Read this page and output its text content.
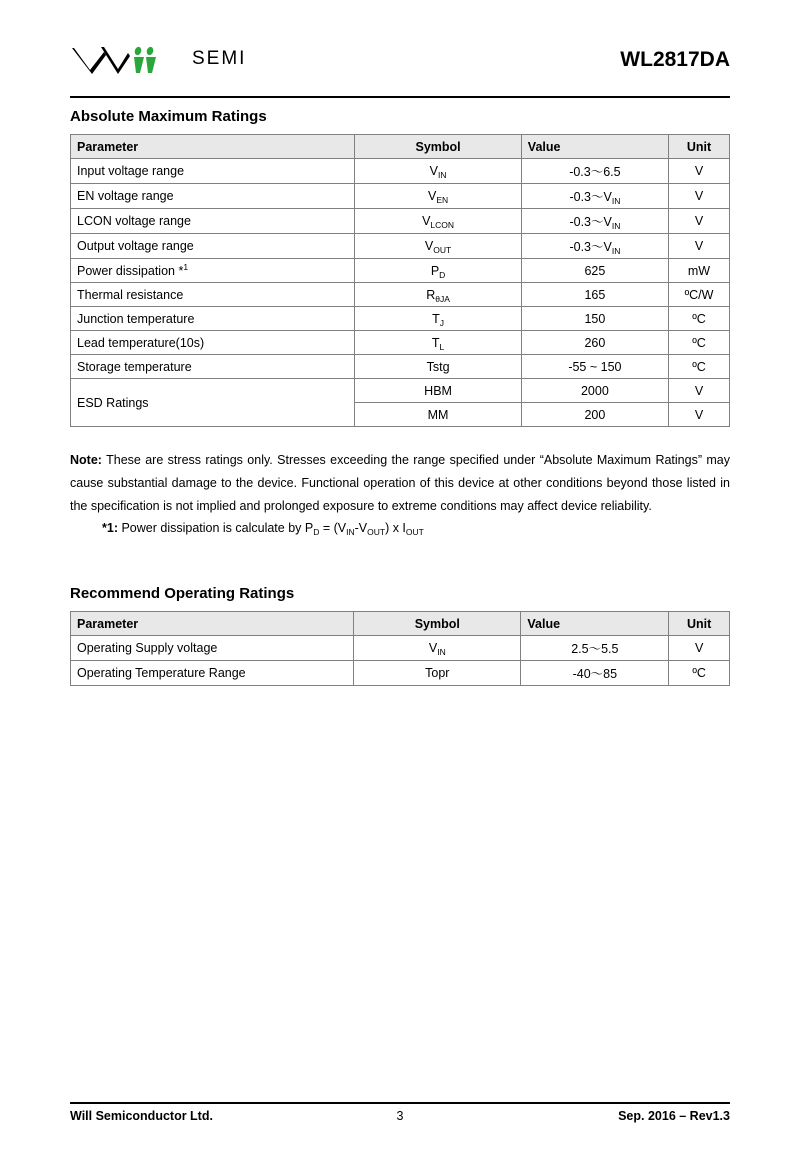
SEMI	WL2817DA
Absolute Maximum Ratings
Parameter	Symbol	Value	Unit
Input voltage range	$V_{IN}$	-0.3～6.5	V
EN voltage range	$V_{EN}$	$-0.3\sim V_{IN}$	V
LCON voltage range	$V_{LCON}$	$-0.3\sim V_{IN}$	V
Output voltage range	$V_{OUT}$	$-0.3\sim V_{IN}$	V
Power dissipation *$^1$	$P_D$	625	mW
Thermal resistance	$R_{\theta JA}$	165	ºC/W
Junction temperature	$T_J$	150	ºC
Lead temperature(10s)	$T_L$	260	ºC
Storage temperature	Tstg	-55 ~ 150	ºC
ESD Ratings	HBM	2000	V
	MM	200	V
Note: These are stress ratings only. Stresses exceeding the range specified under “Absolute Maximum Ratings” may cause substantial damage to the device. Functional operation of this device at other conditions beyond those listed in the specification is not implied and prolonged exposure to extreme conditions may affect device reliability.
*1: Power dissipation is calculate by $P_D = (V_{IN}-V_{OUT})$ x $I_{OUT}$
Recommend Operating Ratings
Parameter	Symbol	Value	Unit
Operating Supply voltage	$V_{IN}$	2.5～5.5	V
Operating Temperature Range	Topr	-40～85	ºC
Will Semiconductor Ltd.	3	Sep. 2016 – Rev1.3
